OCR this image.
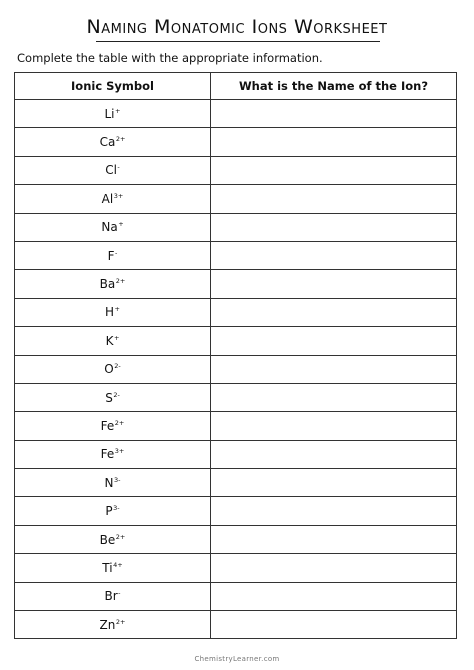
Naming Monatomic Ions Worksheet
Complete the table with the appropriate information.
Ionic Symbol	What is the Name of the Ion?
Li+	
$Ca^{2+}$	
Cl-	
$Al^{3+}$	
Na+	
F-	
$Ba^{2+}$	
H+	
K+	
$O^{2-}$	
$S^{2-}$	
$Fe^{2+}$	
$Fe^{3+}$	
$N^{3-}$	
$P^{3-}$	
$Be^{2+}$	
$Ti^{4+}$	
Br-	
$Zn^{2+}$	
ChemistryLearner.com
